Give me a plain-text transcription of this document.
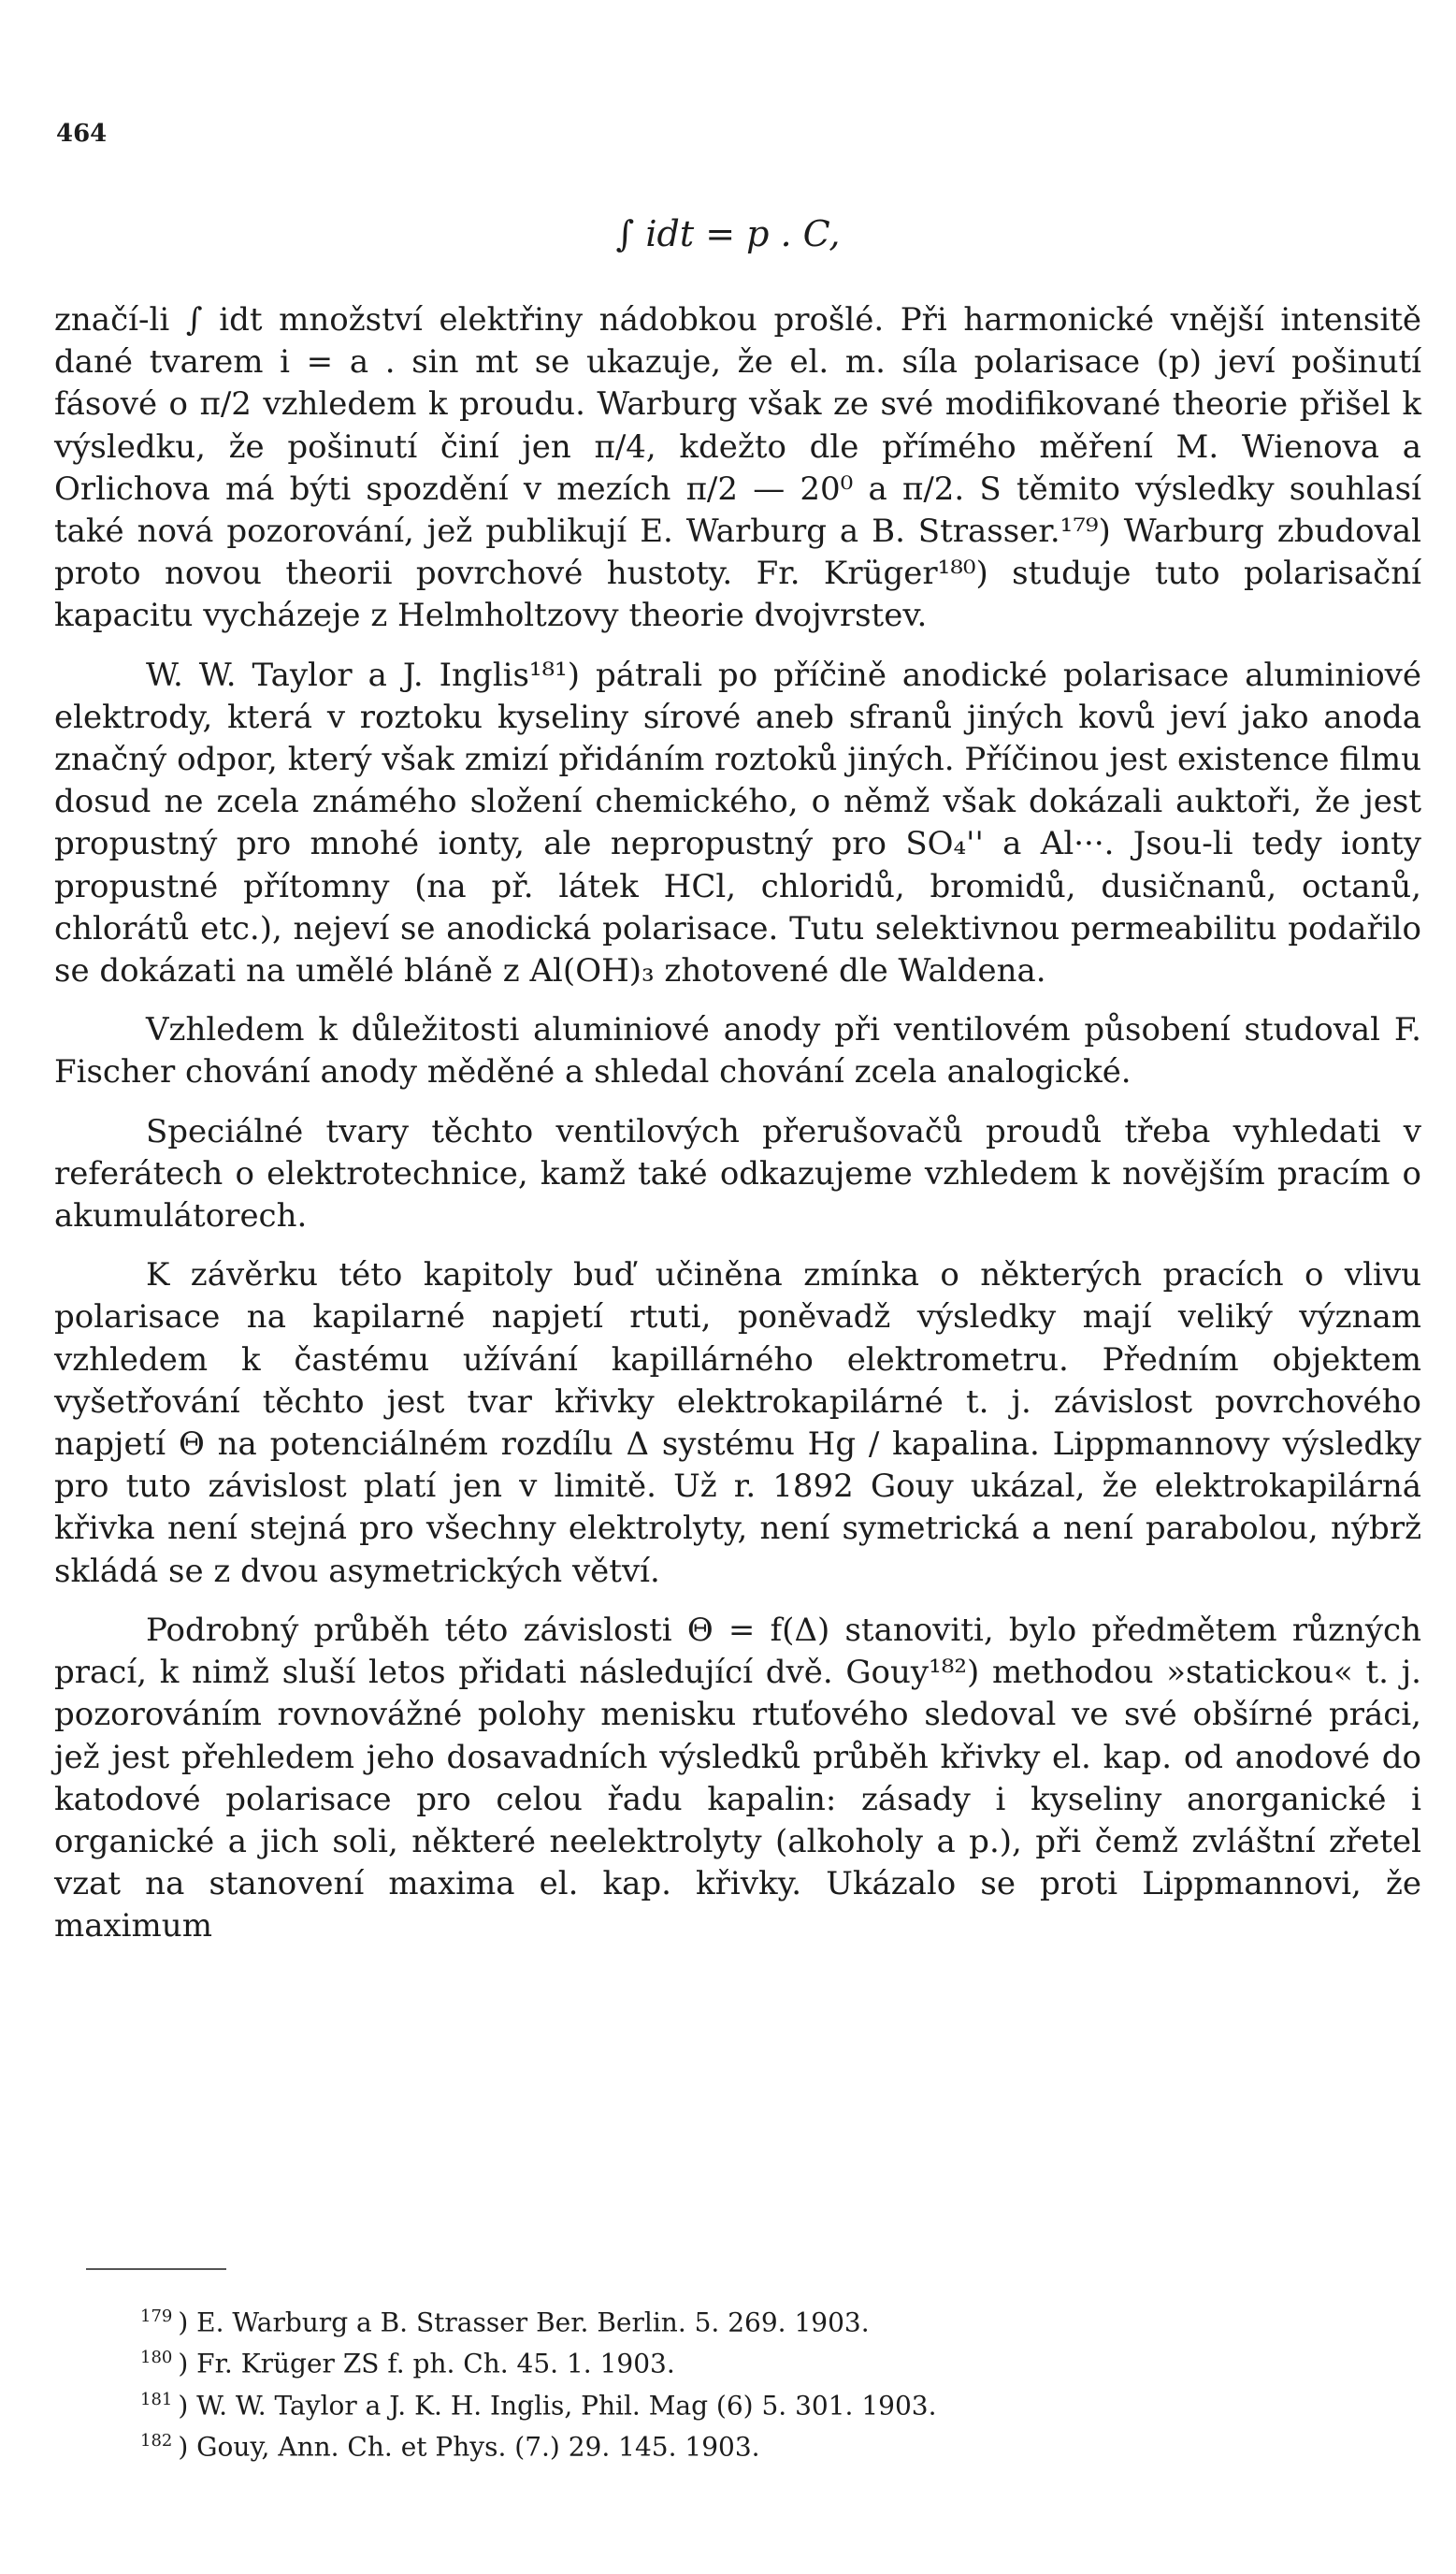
464
∫ idt = p . C,

značí-li ∫ idt množství elektřiny nádobkou prošlé. Při harmonické vnější intensitě dané tvarem i = a . sin mt se ukazuje, že el. m. síla polarisace (p) jeví pošinutí fásové o π/2 vzhledem k proudu. Warburg však ze své modifikované theorie přišel k výsledku, že pošinutí činí jen π/4, kdežto dle přímého měření M. Wienova a Orlichova má býti spozdění v mezích π/2 — 20⁰ a π/2. S těmito výsledky souhlasí také nová pozorování, jež publikují E. Warburg a B. Strasser.¹⁷⁹) Warburg zbudoval proto novou theorii povrchové hustoty. Fr. Krüger¹⁸⁰) studuje tuto polarisační kapacitu vycházeje z Helmholtzovy theorie dvojvrstev.

W. W. Taylor a J. Inglis¹⁸¹) pátrali po příčině anodické polarisace aluminiové elektrody, která v roztoku kyseliny sírové aneb sfranů jiných kovů jeví jako anoda značný odpor, který však zmizí přidáním roztoků jiných. Příčinou jest existence filmu dosud ne zcela známého složení chemického, o němž však dokázali auktoři, že jest propustný pro mnohé ionty, ale nepropustný pro SO₄'' a Al···. Jsou-li tedy ionty propustné přítomny (na př. látek HCl, chloridů, bromidů, dusičnanů, octanů, chlorátů etc.), nejeví se anodická polarisace. Tutu selektivnou permeabilitu podařilo se dokázati na umělé bláně z Al(OH)₃ zhotovené dle Waldena.

Vzhledem k důležitosti aluminiové anody při ventilovém působení studoval F. Fischer chování anody měděné a shledal chování zcela analogické.

Speciálné tvary těchto ventilových přerušovačů proudů třeba vyhledati v referátech o elektrotechnice, kamž také odkazujeme vzhledem k novějším pracím o akumulátorech.

K závěrku této kapitoly buď učiněna zmínka o některých pracích o vlivu polarisace na kapilarné napjetí rtuti, poněvadž výsledky mají veliký význam vzhledem k častému užívání kapillárného elektrometru. Předním objektem vyšetřování těchto jest tvar křivky elektrokapilárné t. j. závislost povrchového napjetí Θ na potenciálném rozdílu Δ systému Hg / kapalina. Lippmannovy výsledky pro tuto závislost platí jen v limitě. Už r. 1892 Gouy ukázal, že elektrokapilárná křivka není stejná pro všechny elektrolyty, není symetrická a není parabolou, nýbrž skládá se z dvou asymetrických větví.

Podrobný průběh této závislosti Θ = f(Δ) stanoviti, bylo předmětem různých prací, k nimž sluší letos přidati následující dvě. Gouy¹⁸²) methodou »statickou« t. j. pozorováním rovnovážné polohy menisku rtuťového sledoval ve své obšírné práci, jež jest přehledem jeho dosavadních výsledků průběh křivky el. kap. od anodové do katodové polarisace pro celou řadu kapalin: zásady i kyseliny anorganické i organické a jich soli, některé neelektrolyty (alkoholy a p.), při čemž zvláštní zřetel vzat na stanovení maxima el. kap. křivky. Ukázalo se proti Lippmannovi, že maximum

$^{179}$ ) E. Warburg a B. Strasser Ber. Berlin. 5. 269. 1903.

$^{180}$ ) Fr. Krüger ZS f. ph. Ch. 45. 1. 1903.

$^{181}$ ) W. W. Taylor a J. K. H. Inglis, Phil. Mag (6) 5. 301. 1903.

$^{182}$ ) Gouy, Ann. Ch. et Phys. (7.) 29. 145. 1903.
